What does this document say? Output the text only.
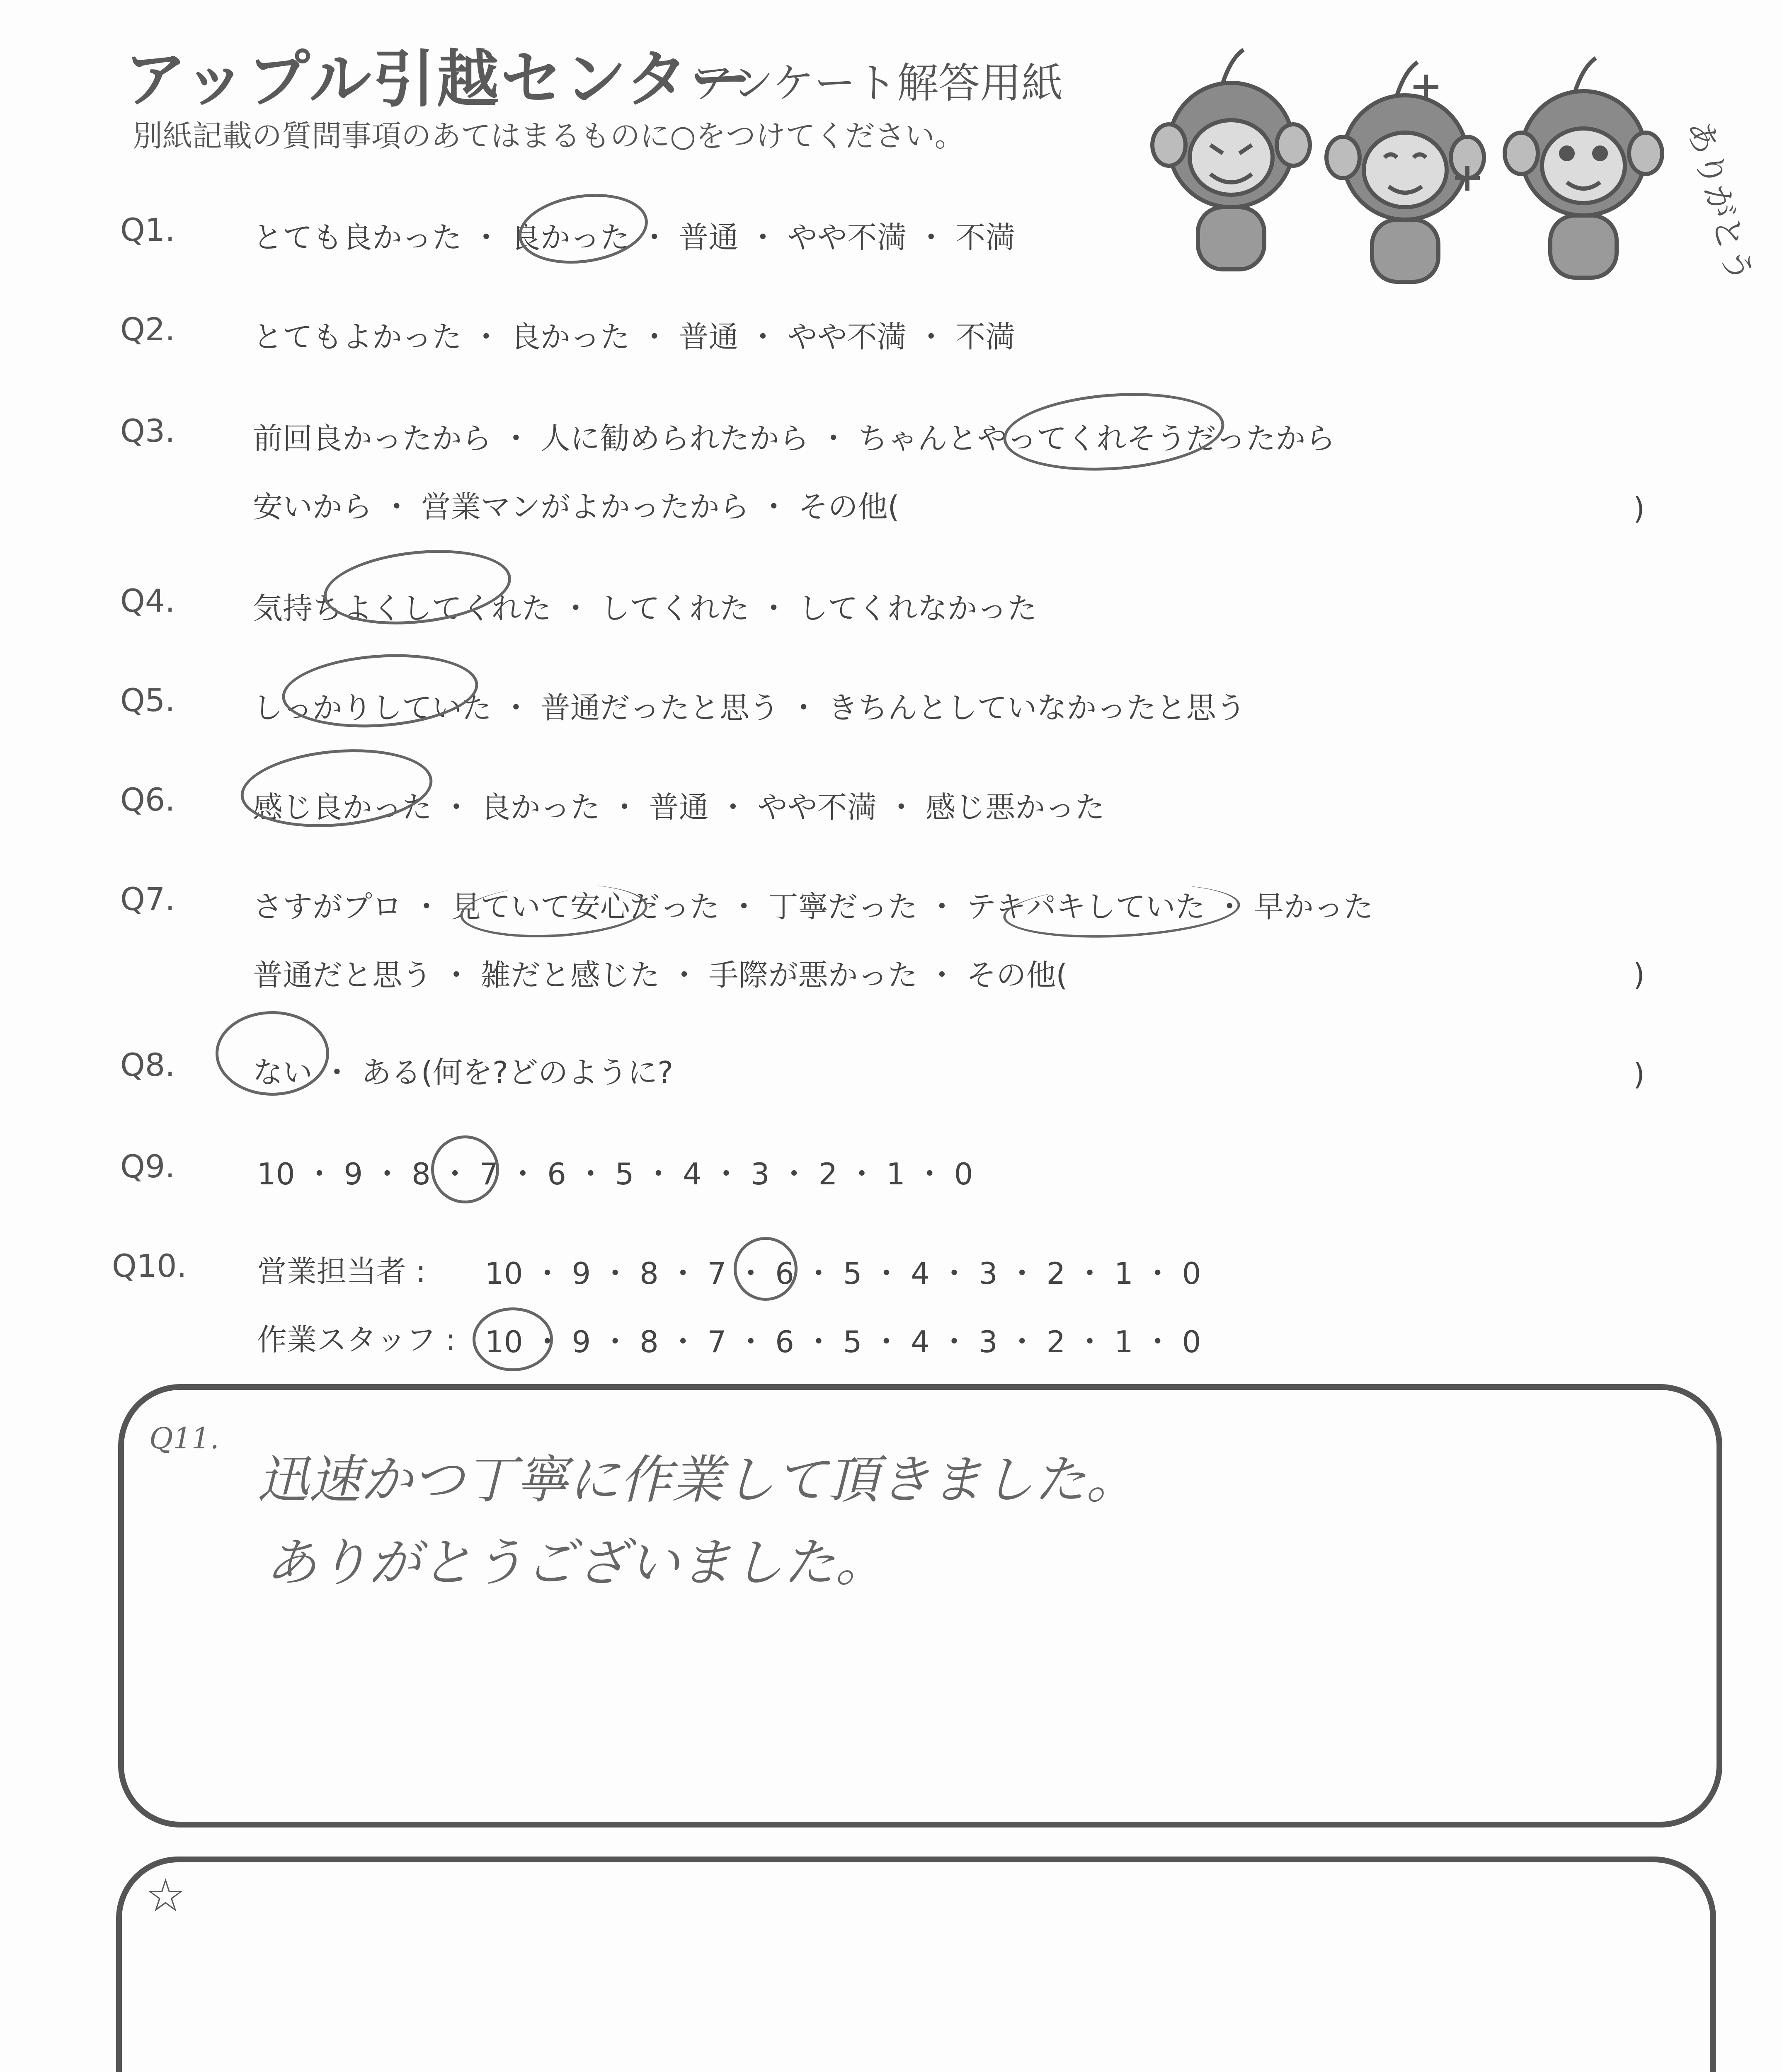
アップル引越センター
アンケート解答用紙
別紙記載の質問事項のあてはまるものに○をつけてください。	ありがとう
Q1.	とても良かった ・ 良かった ・ 普通 ・ やや不満 ・ 不満
Q2.	とてもよかった ・ 良かった ・ 普通 ・ やや不満 ・ 不満
Q3.	前回良かったから ・ 人に勧められたから ・ ちゃんとやってくれそうだったから
安いから ・ 営業マンがよかったから ・ その他(	)
Q4.	気持ちよくしてくれた ・ してくれた ・ してくれなかった
Q5.	しっかりしていた ・ 普通だったと思う ・ きちんとしていなかったと思う
Q6.	感じ良かった ・ 良かった ・ 普通 ・ やや不満 ・ 感じ悪かった
Q7.	さすがプロ ・ 見ていて安心だった ・ 丁寧だった ・ テキパキしていた ・ 早かった
普通だと思う ・ 雑だと感じた ・ 手際が悪かった ・ その他(	)
Q8.	ない ・ ある(何を?どのように?	)
Q9.	10 ・ 9 ・ 8 ・ 7 ・ 6 ・ 5 ・ 4 ・ 3 ・ 2 ・ 1 ・ 0
Q10. 営業担当者 : 10 ・ 9 ・ 8 ・ 7 ・ 6 ・ 5 ・ 4 ・ 3 ・ 2 ・ 1 ・ 0
作業スタッフ : 10 ・ 9 ・ 8 ・ 7 ・ 6 ・ 5 ・ 4 ・ 3 ・ 2 ・ 1 ・ 0
Q11.
迅速かつ丁寧に作業して頂きました。
ありがとうございました。
☆
